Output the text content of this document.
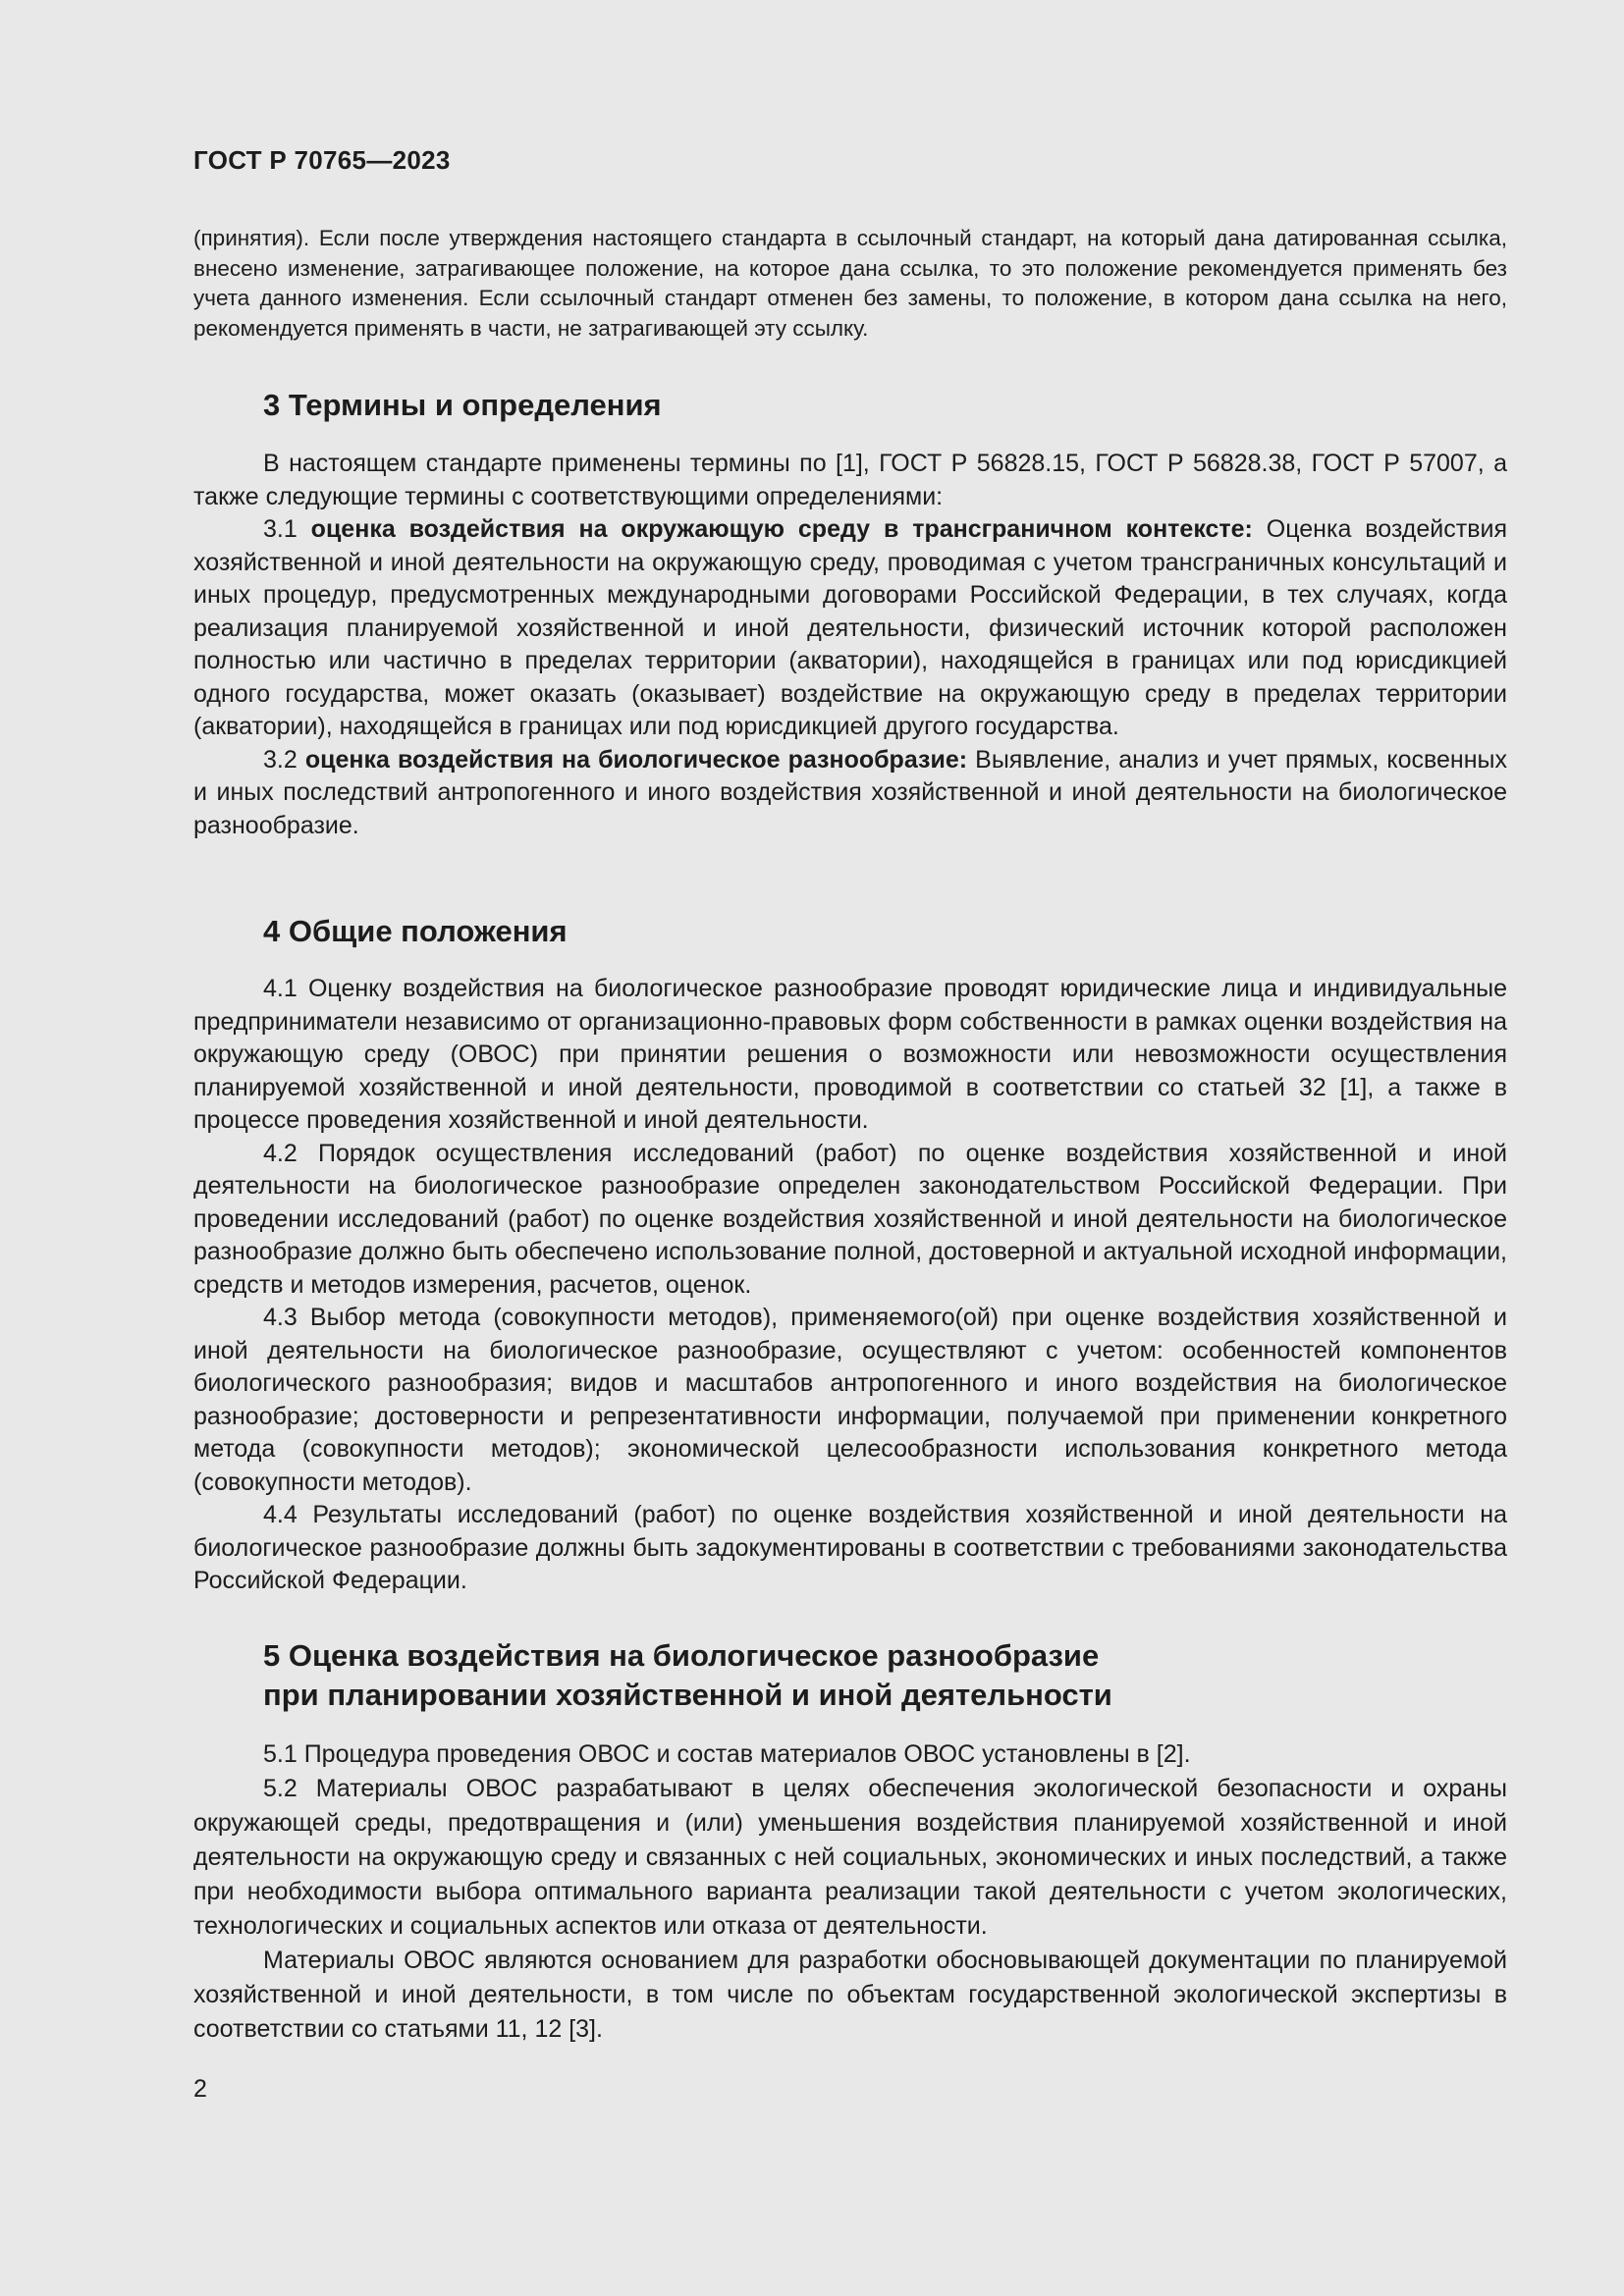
ГОСТ Р 70765—2023

(принятия). Если после утверждения настоящего стандарта в ссылочный стандарт, на который дана датированная ссылка, внесено изменение, затрагивающее положение, на которое дана ссылка, то это положение рекомендуется применять без учета данного изменения. Если ссылочный стандарт отменен без замены, то положение, в котором дана ссылка на него, рекомендуется применять в части, не затрагивающей эту ссылку.

3 Термины и определения

В настоящем стандарте применены термины по [1], ГОСТ Р 56828.15, ГОСТ Р 56828.38, ГОСТ Р 57007, а также следующие термины с соответствующими определениями:

3.1 оценка воздействия на окружающую среду в трансграничном контексте: Оценка воздействия хозяйственной и иной деятельности на окружающую среду, проводимая с учетом трансграничных консультаций и иных процедур, предусмотренных международными договорами Российской Федерации, в тех случаях, когда реализация планируемой хозяйственной и иной деятельности, физический источник которой расположен полностью или частично в пределах территории (акватории), находящейся в границах или под юрисдикцией одного государства, может оказать (оказывает) воздействие на окружающую среду в пределах территории (акватории), находящейся в границах или под юрисдикцией другого государства.

3.2 оценка воздействия на биологическое разнообразие: Выявление, анализ и учет прямых, косвенных и иных последствий антропогенного и иного воздействия хозяйственной и иной деятельности на биологическое разнообразие.

4 Общие положения

4.1 Оценку воздействия на биологическое разнообразие проводят юридические лица и индивидуальные предприниматели независимо от организационно-правовых форм собственности в рамках оценки воздействия на окружающую среду (ОВОС) при принятии решения о возможности или невозможности осуществления планируемой хозяйственной и иной деятельности, проводимой в соответствии со статьей 32 [1], а также в процессе проведения хозяйственной и иной деятельности.

4.2 Порядок осуществления исследований (работ) по оценке воздействия хозяйственной и иной деятельности на биологическое разнообразие определен законодательством Российской Федерации. При проведении исследований (работ) по оценке воздействия хозяйственной и иной деятельности на биологическое разнообразие должно быть обеспечено использование полной, достоверной и актуальной исходной информации, средств и методов измерения, расчетов, оценок.

4.3 Выбор метода (совокупности методов), применяемого(ой) при оценке воздействия хозяйственной и иной деятельности на биологическое разнообразие, осуществляют с учетом: особенностей компонентов биологического разнообразия; видов и масштабов антропогенного и иного воздействия на биологическое разнообразие; достоверности и репрезентативности информации, получаемой при применении конкретного метода (совокупности методов); экономической целесообразности использования конкретного метода (совокупности методов).

4.4 Результаты исследований (работ) по оценке воздействия хозяйственной и иной деятельности на биологическое разнообразие должны быть задокументированы в соответствии с требованиями законодательства Российской Федерации.

5 Оценка воздействия на биологическое разнообразие
при планировании хозяйственной и иной деятельности

5.1 Процедура проведения ОВОС и состав материалов ОВОС установлены в [2].

5.2 Материалы ОВОС разрабатывают в целях обеспечения экологической безопасности и охраны окружающей среды, предотвращения и (или) уменьшения воздействия планируемой хозяйственной и иной деятельности на окружающую среду и связанных с ней социальных, экономических и иных последствий, а также при необходимости выбора оптимального варианта реализации такой деятельности с учетом экологических, технологических и социальных аспектов или отказа от деятельности.

Материалы ОВОС являются основанием для разработки обосновывающей документации по планируемой хозяйственной и иной деятельности, в том числе по объектам государственной экологической экспертизы в соответствии со статьями 11, 12 [3].

2
